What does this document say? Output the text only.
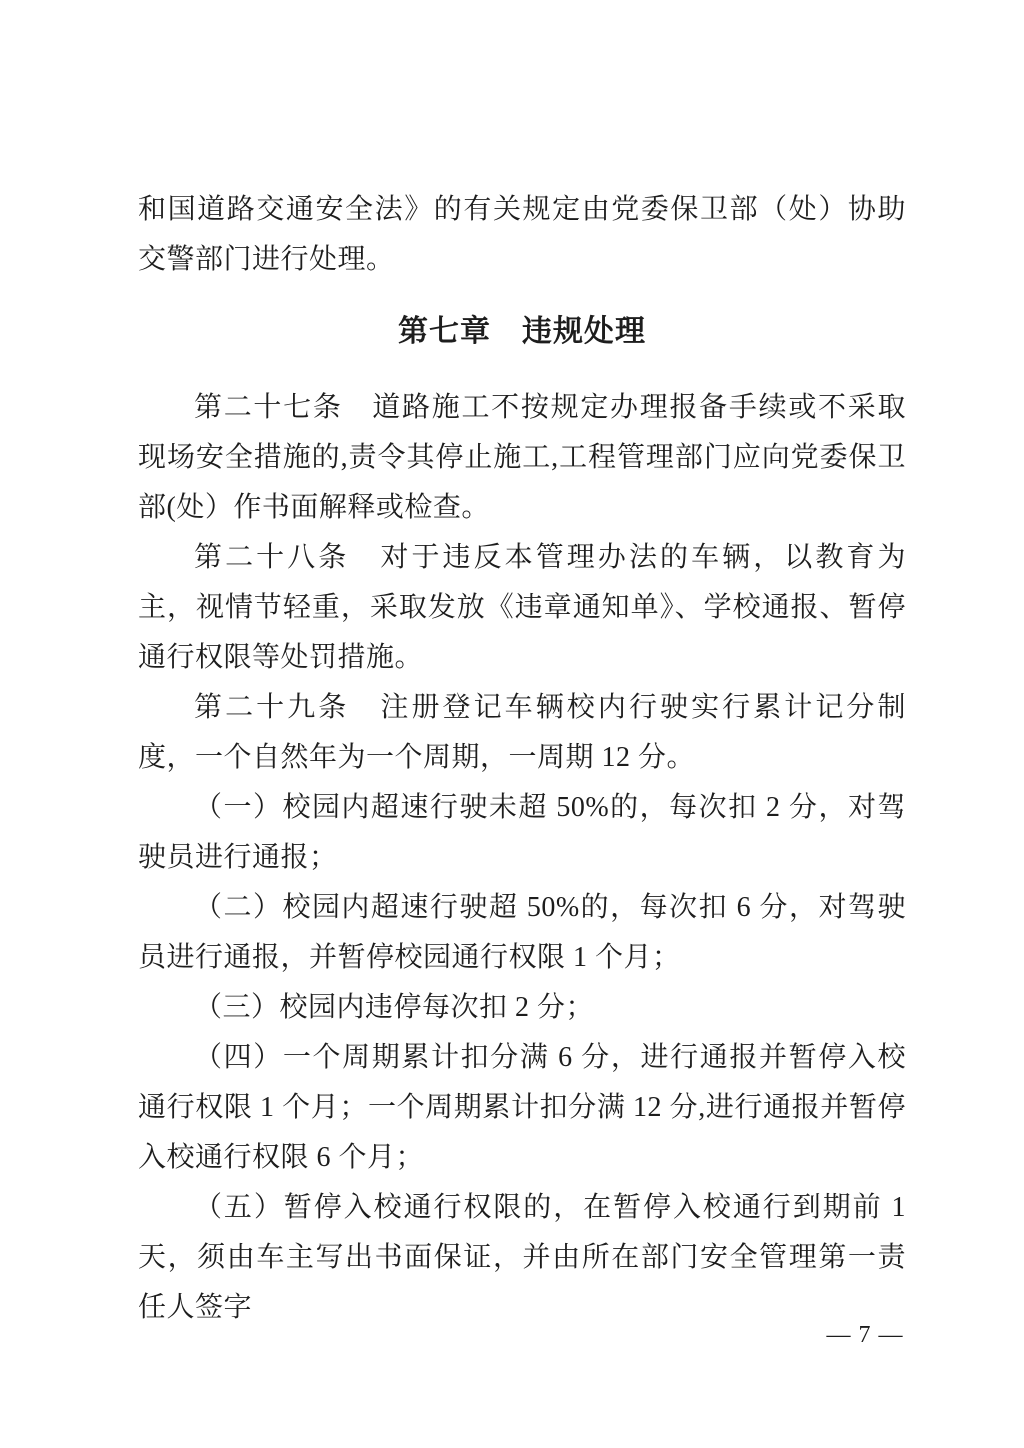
和国道路交通安全法》的有关规定由党委保卫部（处）协助交警部门进行处理。

第七章　违规处理

第二十七条　道路施工不按规定办理报备手续或不采取现场安全措施的,责令其停止施工,工程管理部门应向党委保卫部(处）作书面解释或检查。

第二十八条　对于违反本管理办法的车辆，以教育为主，视情节轻重，采取发放《违章通知单》、学校通报、暂停通行权限等处罚措施。

第二十九条　注册登记车辆校内行驶实行累计记分制度，一个自然年为一个周期，一周期 12 分。

（一）校园内超速行驶未超 50%的，每次扣 2 分，对驾驶员进行通报；

（二）校园内超速行驶超 50%的，每次扣 6 分，对驾驶员进行通报，并暂停校园通行权限 1 个月；

（三）校园内违停每次扣 2 分；

（四）一个周期累计扣分满 6 分，进行通报并暂停入校通行权限 1 个月；一个周期累计扣分满 12 分,进行通报并暂停入校通行权限 6 个月；

（五）暂停入校通行权限的，在暂停入校通行到期前 1 天，须由车主写出书面保证，并由所在部门安全管理第一责任人签字

— 7 —
